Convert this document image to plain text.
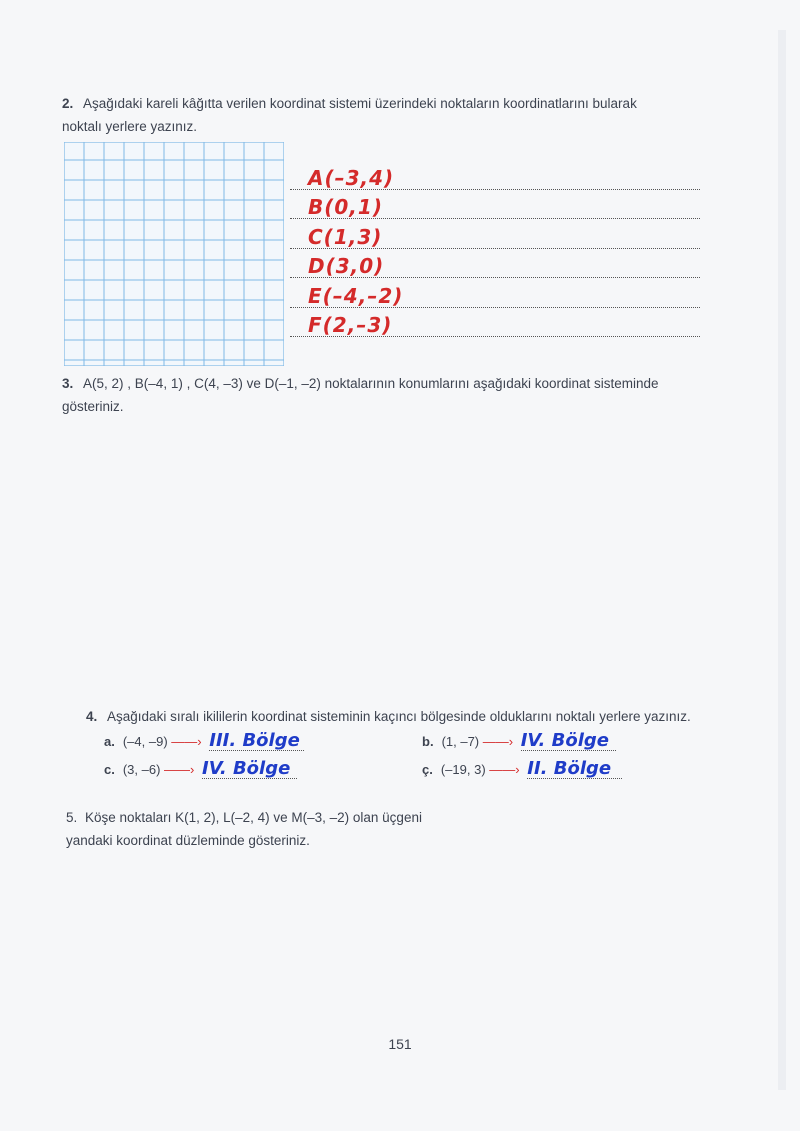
2. Aşağıdaki kareli kâğıtta verilen koordinat sistemi üzerindeki noktaların koordinatlarını bularak
noktalı yerlere yazınız.
A(–3,4)
B(0,1)
C(1,3)
D(3,0)
E(–4,–2)
F(2,–3)
3. A(5, 2) , B(–4, 1) , C(4, –3) ve D(–1, –2) noktalarının konumlarını aşağıdaki koordinat sisteminde
gösteriniz.
4. Aşağıdaki sıralı ikililerin koordinat sisteminin kaçıncı bölgesinde olduklarını noktalı yerlere yazınız.
a. (–4, –9) ——› III. Bölge	b. (1, –7) ——› IV. Bölge
c. (3, –6) ——› IV. Bölge	ç. (–19, 3) ——› II. Bölge
5. Köşe noktaları K(1, 2), L(–2, 4) ve M(–3, –2) olan üçgeni
yandaki koordinat düzleminde gösteriniz.
151
